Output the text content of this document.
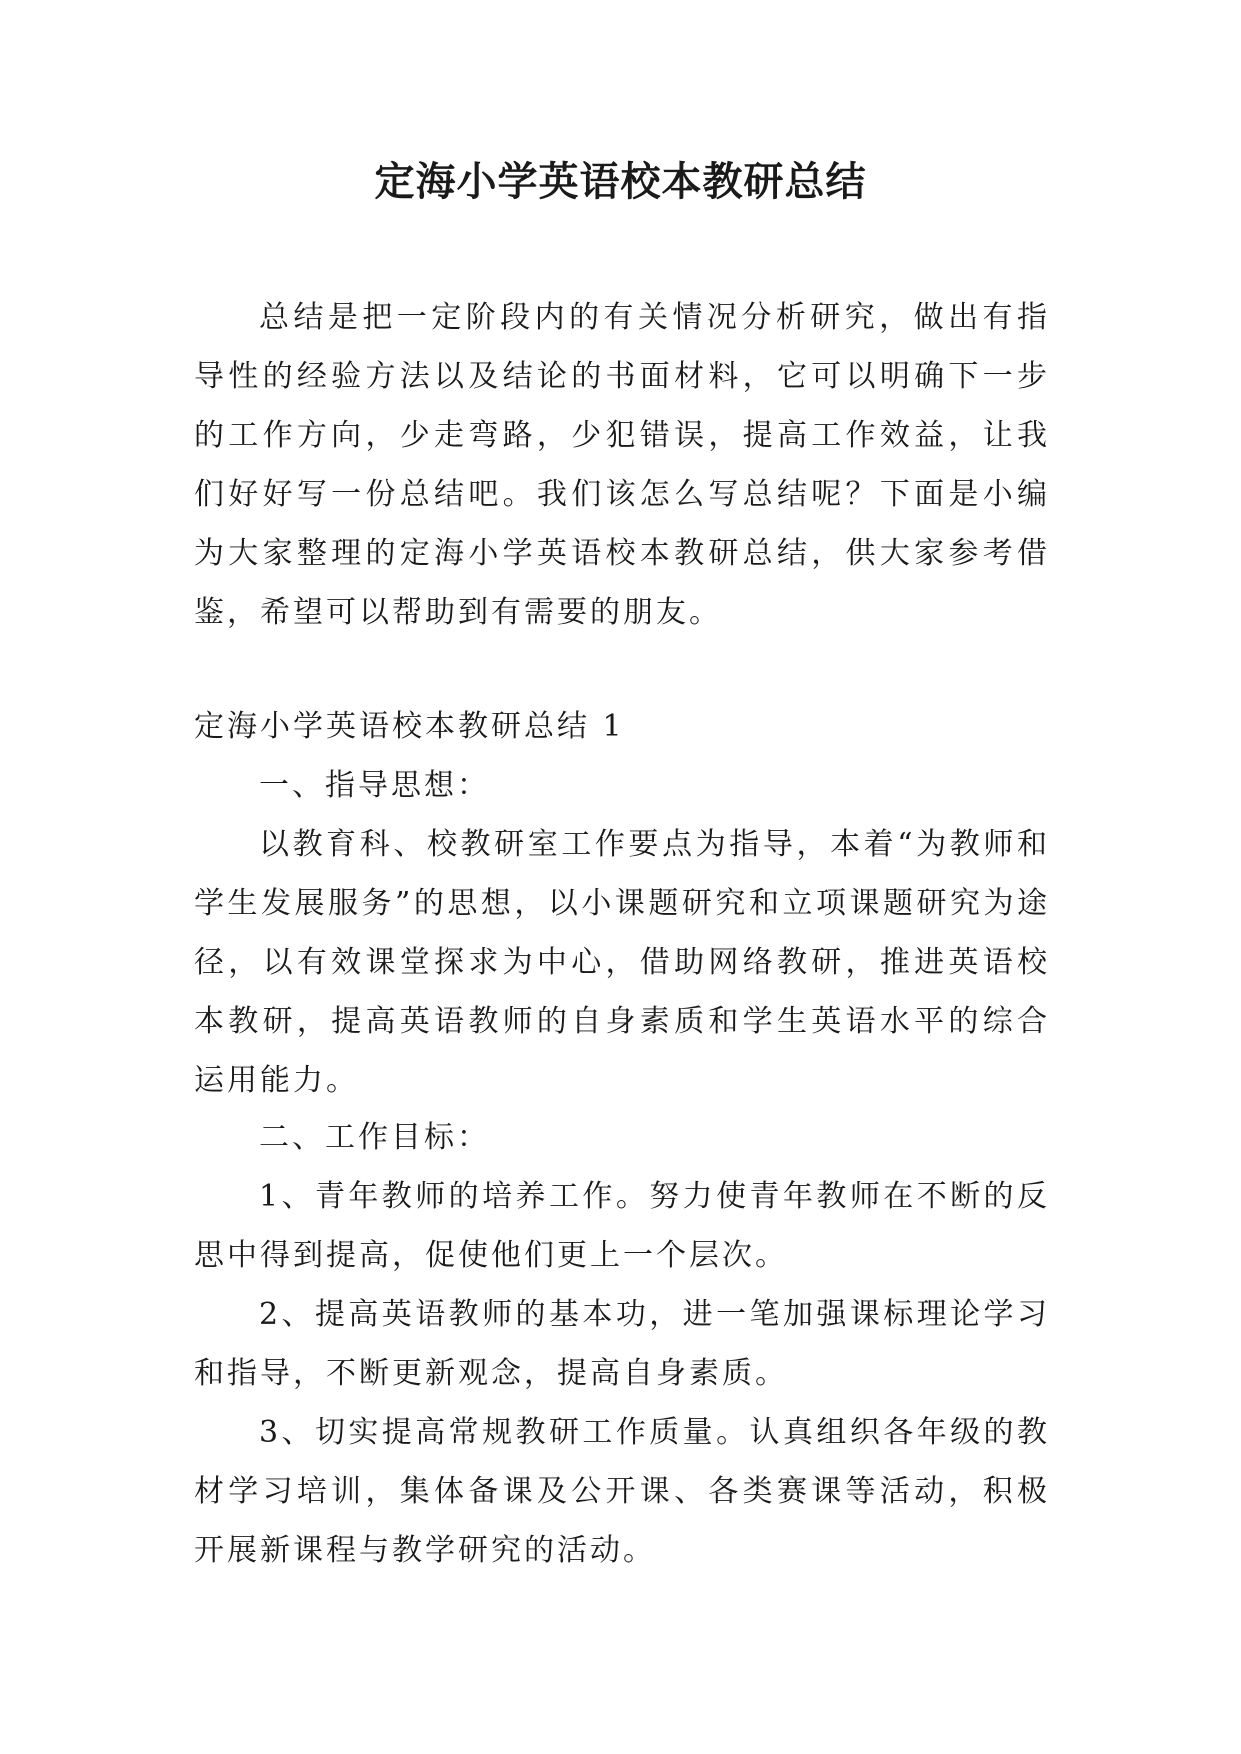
定海小学英语校本教研总结

总结是把一定阶段内的有关情况分析研究，做出有指导性的经验方法以及结论的书面材料，它可以明确下一步的工作方向，少走弯路，少犯错误，提高工作效益，让我们好好写一份总结吧。我们该怎么写总结呢？下面是小编为大家整理的定海小学英语校本教研总结，供大家参考借鉴，希望可以帮助到有需要的朋友。

定海小学英语校本教研总结 1

一、指导思想：

以教育科、校教研室工作要点为指导，本着“为教师和学生发展服务”的思想，以小课题研究和立项课题研究为途径，以有效课堂探求为中心，借助网络教研，推进英语校本教研，提高英语教师的自身素质和学生英语水平的综合运用能力。

二、工作目标：

1、青年教师的培养工作。努力使青年教师在不断的反思中得到提高，促使他们更上一个层次。

2、提高英语教师的基本功，进一笔加强课标理论学习和指导，不断更新观念，提高自身素质。

3、切实提高常规教研工作质量。认真组织各年级的教材学习培训，集体备课及公开课、各类赛课等活动，积极开展新课程与教学研究的活动。
